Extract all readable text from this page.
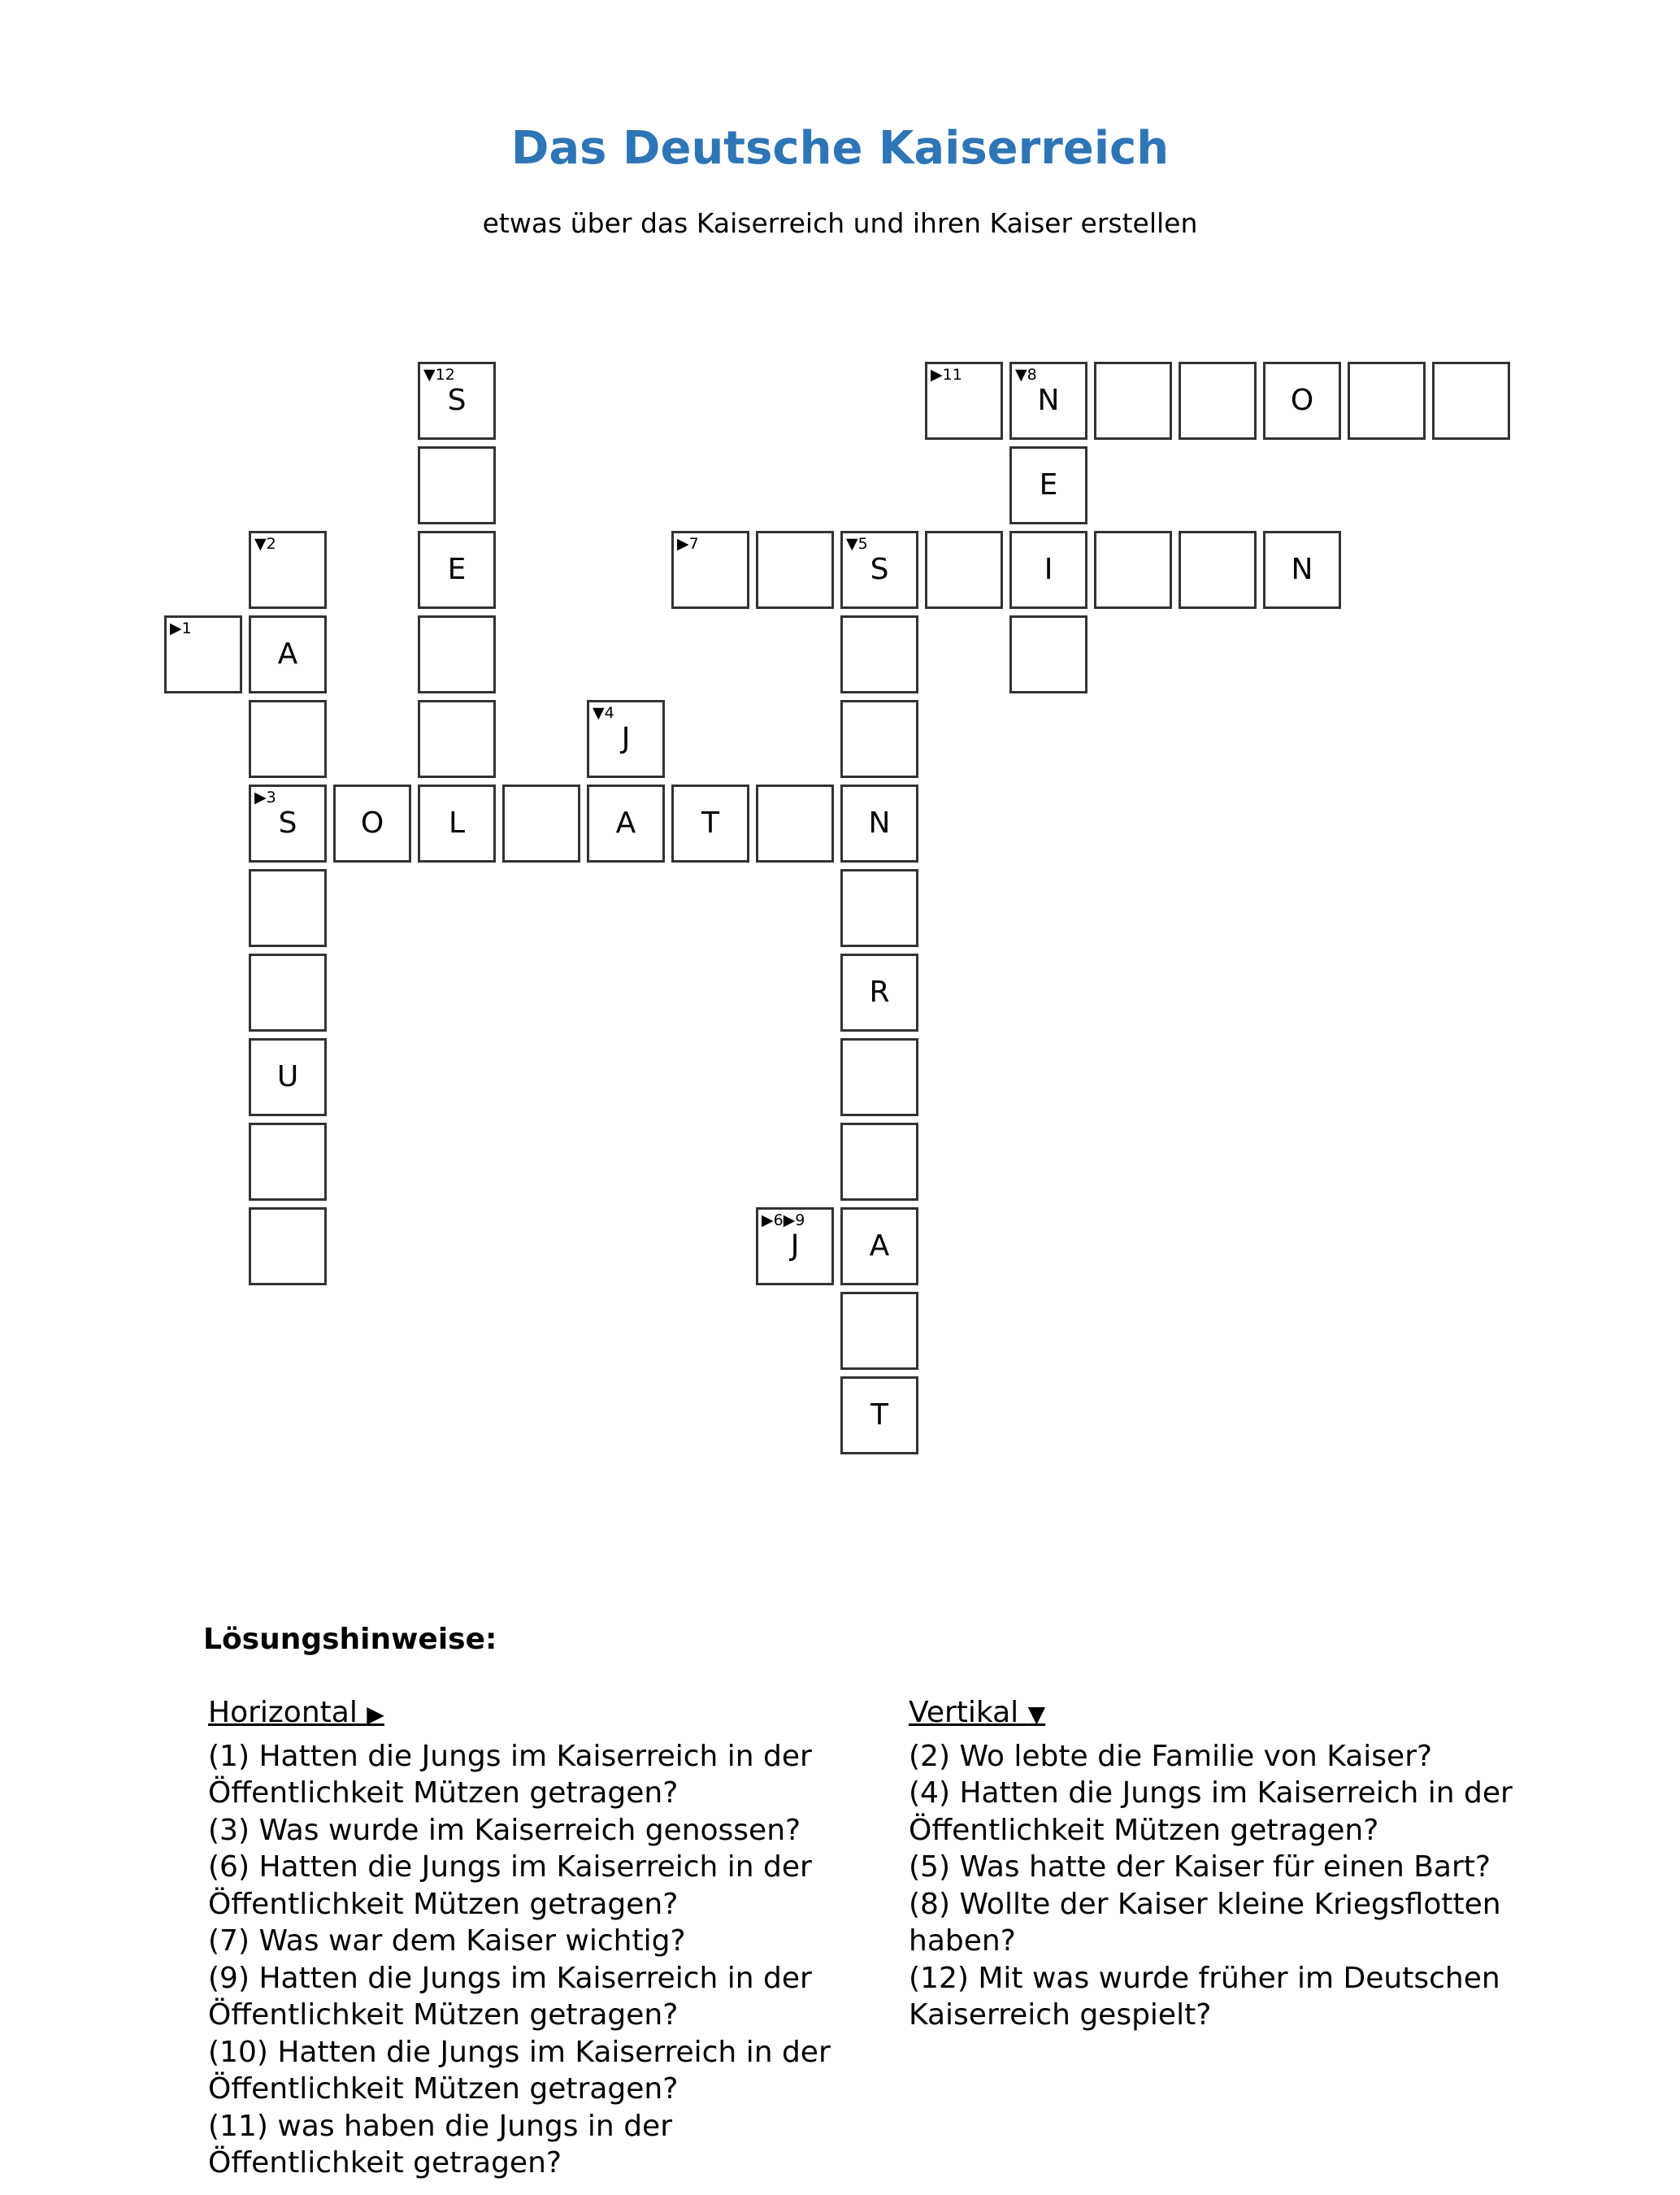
Das Deutsche Kaiserreich
etwas über das Kaiserreich und ihren Kaiser erstellen
▼12
S
▶11	▼8
N	O
E
▼2
E
▶7	▼5
S	I	N
▶1
A
▼4
J
▶3
S	O	L	A	T	N
R
U
▶6▶9
J	A
T
Lösungshinweise:
Horizontal ▶
(1) Hatten die Jungs im Kaiserreich in der Öffentlichkeit Mützen getragen?
(3) Was wurde im Kaiserreich genossen?
(6) Hatten die Jungs im Kaiserreich in der Öffentlichkeit Mützen getragen?
(7) Was war dem Kaiser wichtig?
(9) Hatten die Jungs im Kaiserreich in der Öffentlichkeit Mützen getragen?
(10) Hatten die Jungs im Kaiserreich in der Öffentlichkeit Mützen getragen?
(11) was haben die Jungs in der Öffentlichkeit getragen?
Vertikal ▼
(2) Wo lebte die Familie von Kaiser?
(4) Hatten die Jungs im Kaiserreich in der Öffentlichkeit Mützen getragen?
(5) Was hatte der Kaiser für einen Bart?
(8) Wollte der Kaiser kleine Kriegsflotten haben?
(12) Mit was wurde früher im Deutschen Kaiserreich gespielt?
